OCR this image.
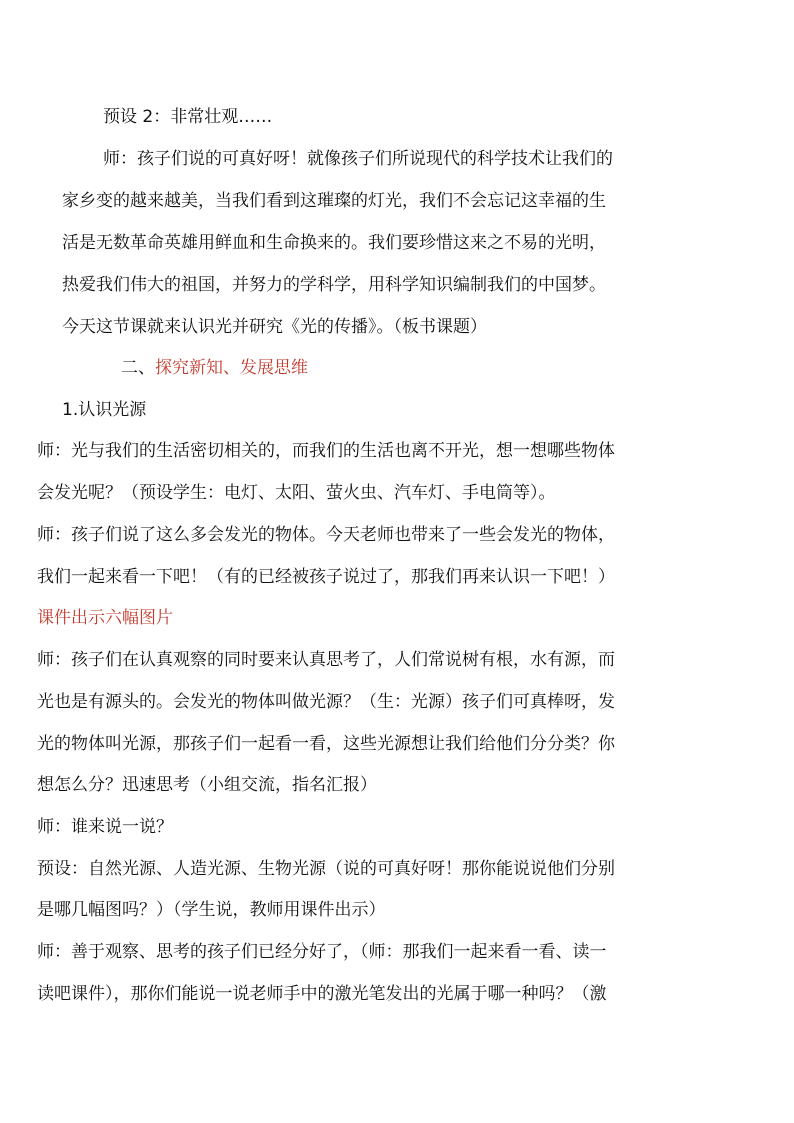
预设 2：非常壮观……
师：孩子们说的可真好呀！就像孩子们所说现代的科学技术让我们的
家乡变的越来越美，当我们看到这璀璨的灯光，我们不会忘记这幸福的生
活是无数革命英雄用鲜血和生命换来的。我们要珍惜这来之不易的光明，
热爱我们伟大的祖国，并努力的学科学，用科学知识编制我们的中国梦。
今天这节课就来认识光并研究《光的传播》。（板书课题）
二、探究新知、发展思维
1.认识光源
师：光与我们的生活密切相关的，而我们的生活也离不开光，想一想哪些物体
会发光呢？（预设学生：电灯、太阳、萤火虫、汽车灯、手电筒等）。
师：孩子们说了这么多会发光的物体。今天老师也带来了一些会发光的物体，
我们一起来看一下吧！（有的已经被孩子说过了，那我们再来认识一下吧！）
课件出示六幅图片
师：孩子们在认真观察的同时要来认真思考了，人们常说树有根，水有源，而
光也是有源头的。会发光的物体叫做光源？（生：光源）孩子们可真棒呀，发
光的物体叫光源，那孩子们一起看一看，这些光源想让我们给他们分分类？你
想怎么分？迅速思考（小组交流，指名汇报）
师：谁来说一说？
预设：自然光源、人造光源、生物光源（说的可真好呀！那你能说说他们分别
是哪几幅图吗？）（学生说，教师用课件出示）
师：善于观察、思考的孩子们已经分好了，（师：那我们一起来看一看、读一
读吧课件），那你们能说一说老师手中的激光笔发出的光属于哪一种吗？（激
